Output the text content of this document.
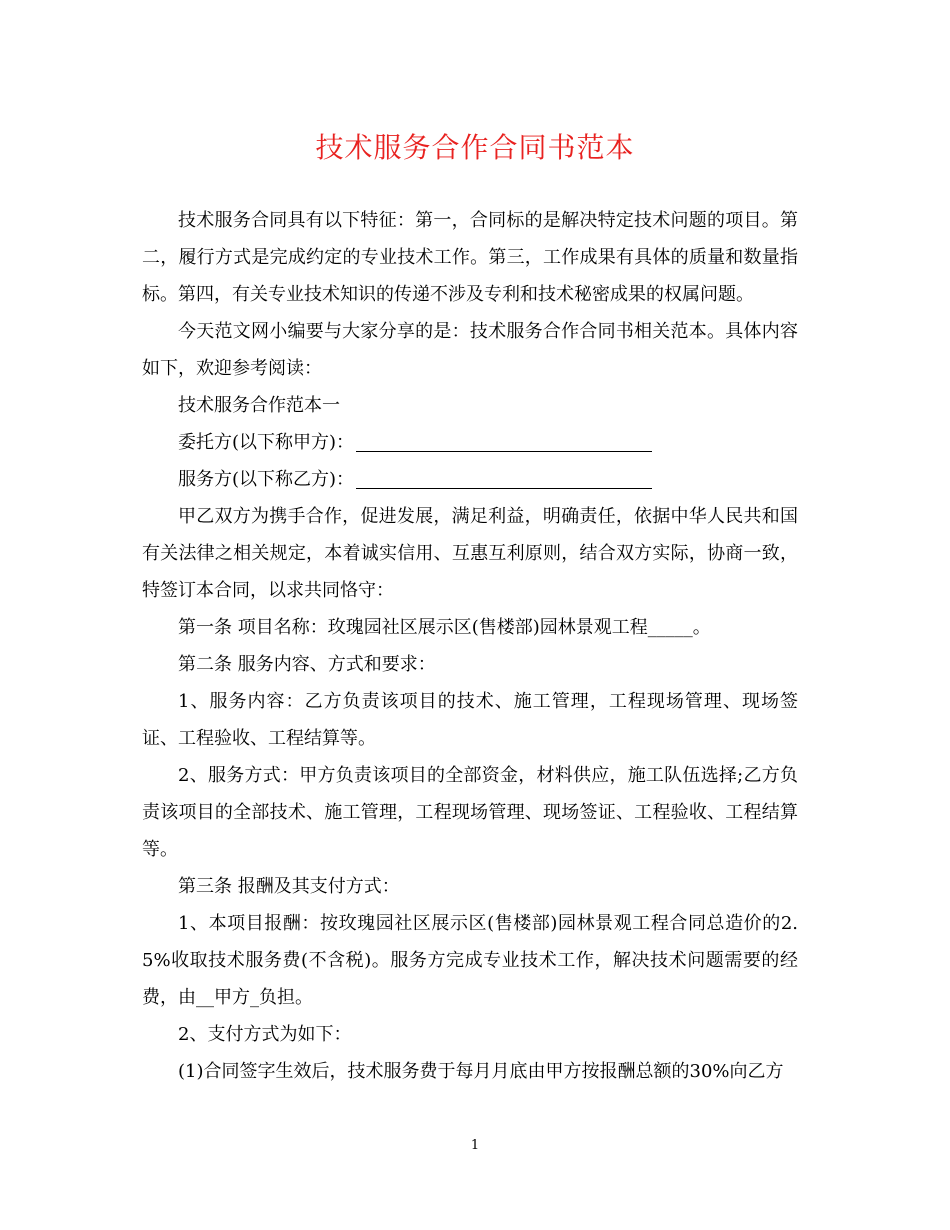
技术服务合作合同书范本

技术服务合同具有以下特征：第一，合同标的是解决特定技术问题的项目。第二，履行方式是完成约定的专业技术工作。第三，工作成果有具体的质量和数量指标。第四，有关专业技术知识的传递不涉及专利和技术秘密成果的权属问题。

今天范文网小编要与大家分享的是：技术服务合作合同书相关范本。具体内容如下，欢迎参考阅读：

技术服务合作范本一

委托方(以下称甲方)：

服务方(以下称乙方)：

甲乙双方为携手合作，促进发展，满足利益，明确责任，依据中华人民共和国有关法律之相关规定，本着诚实信用、互惠互利原则，结合双方实际，协商一致，特签订本合同，以求共同恪守：

第一条 项目名称：玫瑰园社区展示区(售楼部)园林景观工程_____。

第二条 服务内容、方式和要求：

1、服务内容：乙方负责该项目的技术、施工管理，工程现场管理、现场签证、工程验收、工程结算等。

2、服务方式：甲方负责该项目的全部资金，材料供应，施工队伍选择;乙方负责该项目的全部技术、施工管理，工程现场管理、现场签证、工程验收、工程结算等。

第三条 报酬及其支付方式：

1、本项目报酬：按玫瑰园社区展示区(售楼部)园林景观工程合同总造价的2.5%收取技术服务费(不含税)。服务方完成专业技术工作，解决技术问题需要的经费，由__甲方_负担。

2、支付方式为如下：

(1)合同签字生效后，技术服务费于每月月底由甲方按报酬总额的30%向乙方

1
